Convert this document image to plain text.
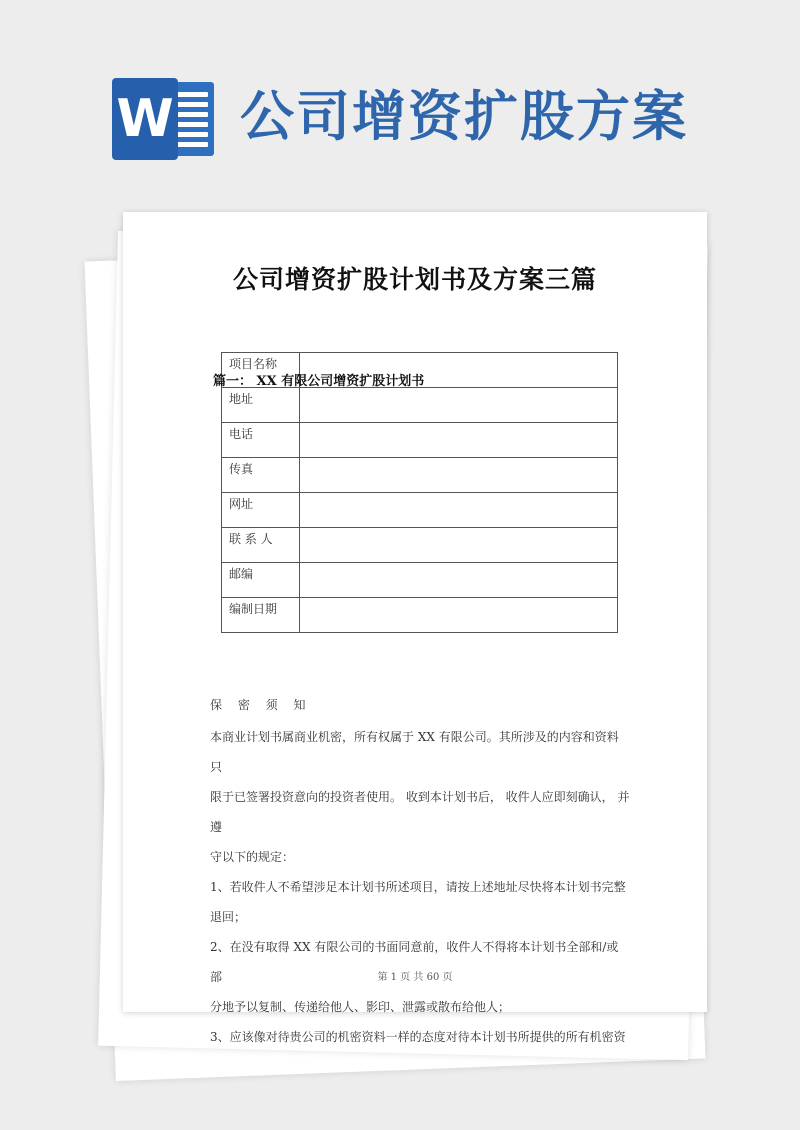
W 公司增资扩股方案
公司增资扩股计划书及方案三篇
项目名称	
地址	
电话	
传真	
网址	
联 系 人	
邮编	
编制日期	
篇一： XX 有限公司增资扩股计划书

保 密 须 知

本商业计划书属商业机密，所有权属于 XX 有限公司。其所涉及的内容和资料只

限于已签署投资意向的投资者使用。 收到本计划书后， 收件人应即刻确认， 并遵

守以下的规定：

1、若收件人不希望涉足本计划书所述项目，请按上述地址尽快将本计划书完整

退回；

2、在没有取得 XX 有限公司的书面同意前，收件人不得将本计划书全部和/或部

分地予以复制、传递给他人、影印、泄露或散布给他人；

3、应该像对待贵公司的机密资料一样的态度对待本计划书所提供的所有机密资

第 1 页 共 60 页
